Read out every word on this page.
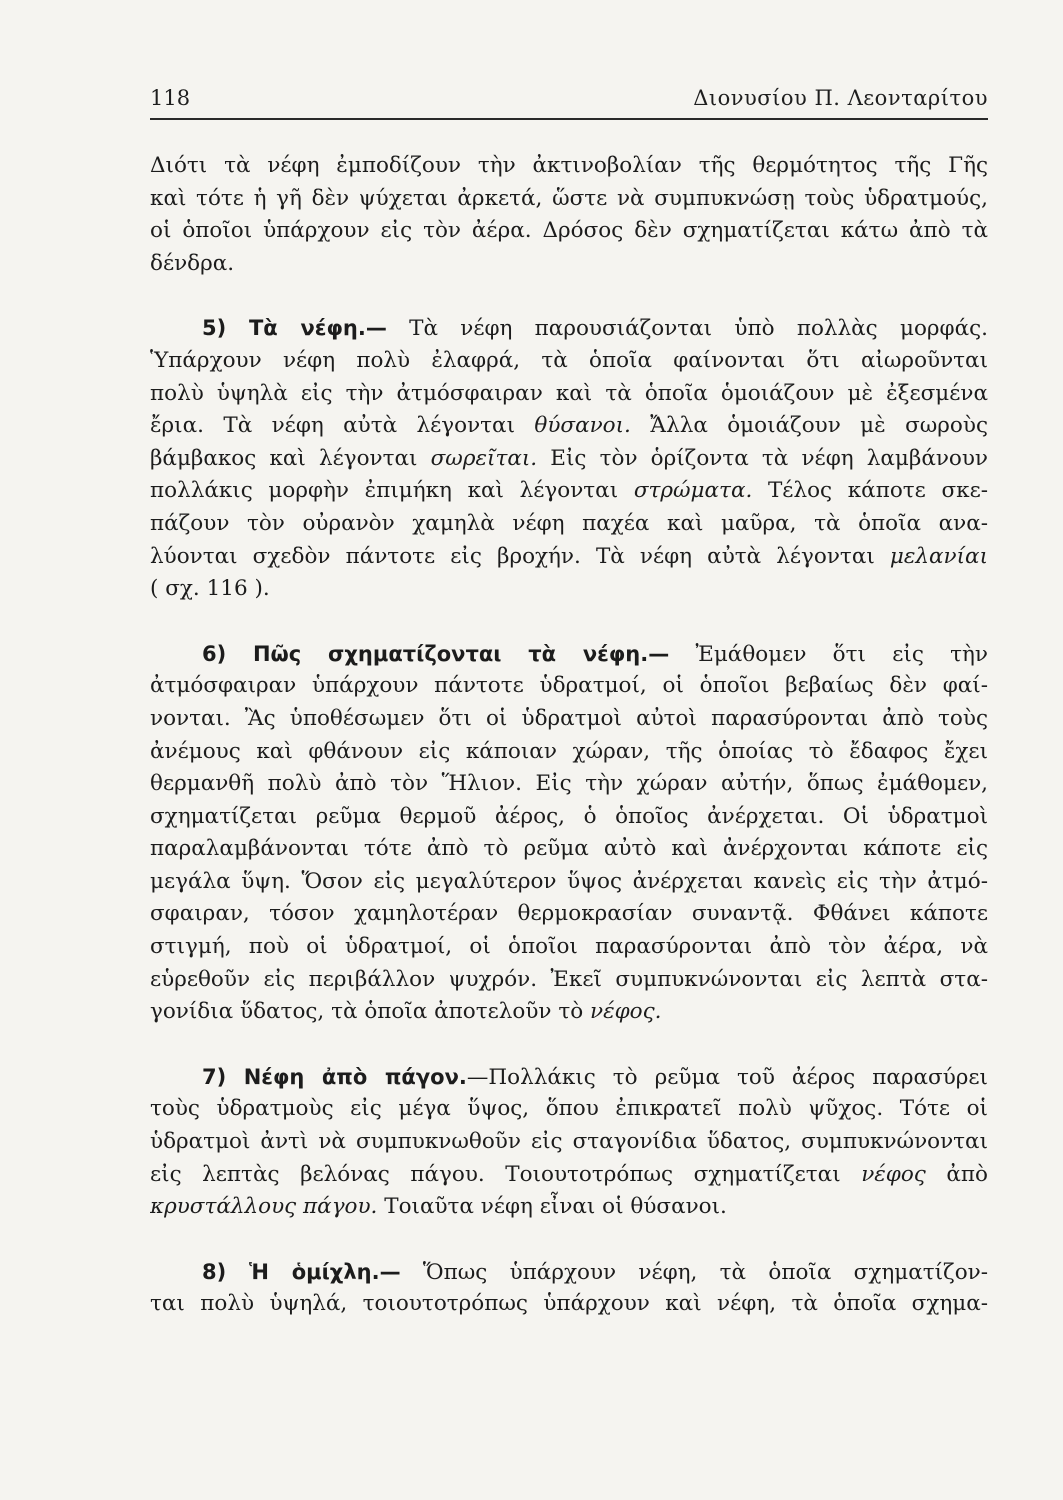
118	Διονυσίου Π. Λεονταρίτου
Διότι τὰ νέφη ἐμποδίζουν τὴν ἀκτινοβολίαν τῆς θερμότητος τῆς Γῆς
καὶ τότε ἡ γῆ δὲν ψύχεται ἀρκετά, ὥστε νὰ συμπυκνώσῃ τοὺς ὑδρατμούς,
οἱ ὁποῖοι ὑπάρχουν εἰς τὸν ἀέρα. Δρόσος δὲν σχηματίζεται κάτω ἀπὸ τὰ
δένδρα.
5) Τὰ νέφη.— Τὰ νέφη παρουσιάζονται ὑπὸ πολλὰς μορφάς.
Ὑπάρχουν νέφη πολὺ ἐλαφρά, τὰ ὁποῖα φαίνονται ὅτι αἰωροῦνται
πολὺ ὑψηλὰ εἰς τὴν ἀτμόσφαιραν καὶ τὰ ὁποῖα ὁμοιάζουν μὲ ἐξεσμένα
ἔρια. Τὰ νέφη αὐτὰ λέγονται θύσανοι. Ἄλλα ὁμοιάζουν μὲ σωροὺς
βάμβακος καὶ λέγονται σωρεῖται. Εἰς τὸν ὁρίζοντα τὰ νέφη λαμβάνουν
πολλάκις μορφὴν ἐπιμήκη καὶ λέγονται στρώματα. Τέλος κάποτε σκε-
πάζουν τὸν οὐρανὸν χαμηλὰ νέφη παχέα καὶ μαῦρα, τὰ ὁποῖα ανα-
λύονται σχεδὸν πάντοτε εἰς βροχήν. Τὰ νέφη αὐτὰ λέγονται μελανίαι
( σχ. 116 ).
6) Πῶς σχηματίζονται τὰ νέφη.— Ἐμάθομεν ὅτι εἰς τὴν
ἀτμόσφαιραν ὑπάρχουν πάντοτε ὑδρατμοί, οἱ ὁποῖοι βεβαίως δὲν φαί-
νονται. Ἂς ὑποθέσωμεν ὅτι οἱ ὑδρατμοὶ αὐτοὶ παρασύρονται ἀπὸ τοὺς
ἀνέμους καὶ φθάνουν εἰς κάποιαν χώραν, τῆς ὁποίας τὸ ἔδαφος ἔχει
θερμανθῆ πολὺ ἀπὸ τὸν Ἥλιον. Εἰς τὴν χώραν αὐτήν, ὅπως ἐμάθομεν,
σχηματίζεται ρεῦμα θερμοῦ ἀέρος, ὁ ὁποῖος ἀνέρχεται. Οἱ ὑδρατμοὶ
παραλαμβάνονται τότε ἀπὸ τὸ ρεῦμα αὐτὸ καὶ ἀνέρχονται κάποτε εἰς
μεγάλα ὕψη. Ὅσον εἰς μεγαλύτερον ὕψος ἀνέρχεται κανεὶς εἰς τὴν ἀτμό-
σφαιραν, τόσον χαμηλοτέραν θερμοκρασίαν συναντᾷ. Φθάνει κάποτε
στιγμή, ποὺ οἱ ὑδρατμοί, οἱ ὁποῖοι παρασύρονται ἀπὸ τὸν ἀέρα, νὰ
εὑρεθοῦν εἰς περιβάλλον ψυχρόν. Ἐκεῖ συμπυκνώνονται εἰς λεπτὰ στα-
γονίδια ὕδατος, τὰ ὁποῖα ἀποτελοῦν τὸ νέφος.
7) Νέφη ἀπὸ πάγον.—Πολλάκις τὸ ρεῦμα τοῦ ἀέρος παρασύρει
τοὺς ὑδρατμοὺς εἰς μέγα ὕψος, ὅπου ἐπικρατεῖ πολὺ ψῦχος. Τότε οἱ
ὑδρατμοὶ ἀντὶ νὰ συμπυκνωθοῦν εἰς σταγονίδια ὕδατος, συμπυκνώνονται
εἰς λεπτὰς βελόνας πάγου. Τοιουτοτρόπως σχηματίζεται νέφος ἀπὸ
κρυστάλλους πάγου. Τοιαῦτα νέφη εἶναι οἱ θύσανοι.
8) Ἡ ὁμίχλη.— Ὅπως ὑπάρχουν νέφη, τὰ ὁποῖα σχηματίζον-
ται πολὺ ὑψηλά, τοιουτοτρόπως ὑπάρχουν καὶ νέφη, τὰ ὁποῖα σχημα-
